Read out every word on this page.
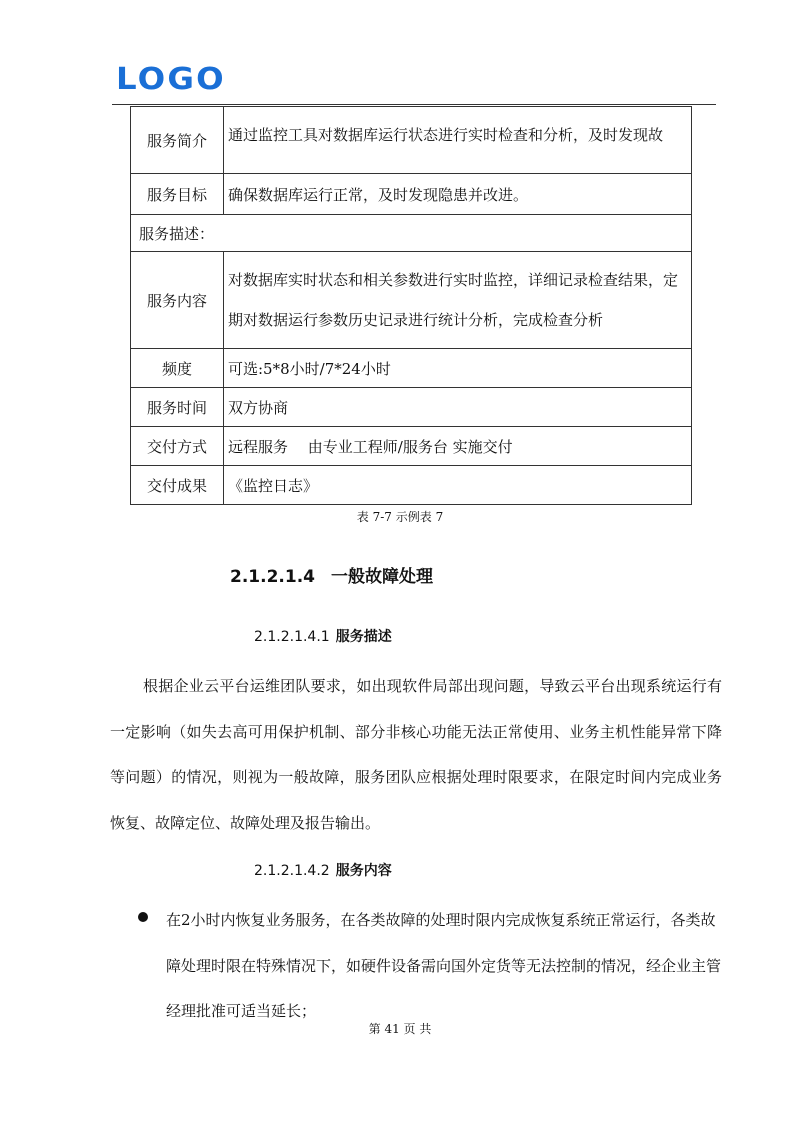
LOGO
服务简介	通过监控工具对数据库运行状态进行实时检查和分析，及时发现故

服务目标	确保数据库运行正常，及时发现隐患并改进。
服务描述：	
服务内容	对数据库实时状态和相关参数进行实时监控，详细记录检查结果，定期对数据运行参数历史记录进行统计分析，完成检查分析

频度	可选:5*8小时/7*24小时
服务时间	双方协商
交付方式	远程服务　 由专业工程师/服务台 实施交付
交付成果	《监控日志》
表 7-7 示例表 7
2.1.2.1.4 一般故障处理
2.1.2.1.4.1 服务描述
根据企业云平台运维团队要求，如出现软件局部出现问题，导致云平台出现系统运行有一定影响（如失去高可用保护机制、部分非核心功能无法正常使用、业务主机性能异常下降等问题）的情况，则视为一般故障，服务团队应根据处理时限要求，在限定时间内完成业务恢复、故障定位、故障处理及报告输出。
2.1.2.1.4.2 服务内容
在2小时内恢复业务服务，在各类故障的处理时限内完成恢复系统正常运行，各类故障处理时限在特殊情况下，如硬件设备需向国外定货等无法控制的情况，经企业主管经理批准可适当延长；
第 41 页 共
